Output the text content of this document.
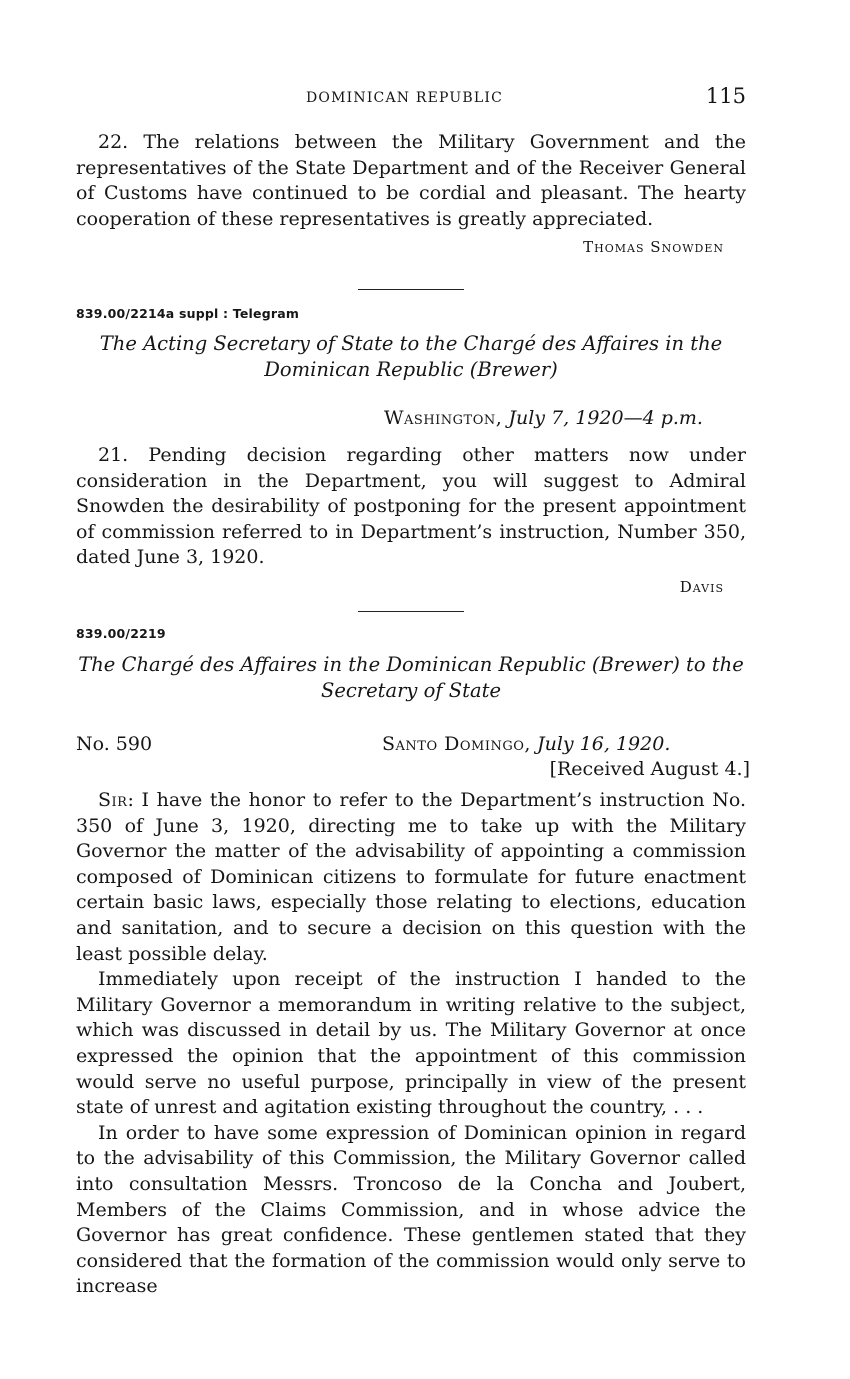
DOMINICAN REPUBLIC	115

22. The relations between the Military Government and the representatives of the State Department and of the Receiver General of Customs have continued to be cordial and pleasant. The hearty cooperation of these representatives is greatly appreciated.

Thomas Snowden
839.00/2214a suppl : Telegram
The Acting Secretary of State to the Chargé des Affaires in the
Dominican Republic (Brewer)
Washington, July 7, 1920—4 p.m.

21. Pending decision regarding other matters now under consideration in the Department, you will suggest to Admiral Snowden the desirability of postponing for the present appointment of commission referred to in Department’s instruction, Number 350, dated June 3, 1920.

Davis
839.00/2219
The Chargé des Affaires in the Dominican Republic (Brewer) to the
Secretary of State
No. 590	Santo Domingo, July 16, 1920.
[Received August 4.]

Sir: I have the honor to refer to the Department’s instruction No. 350 of June 3, 1920, directing me to take up with the Military Governor the matter of the advisability of appointing a commission composed of Dominican citizens to formulate for future enactment certain basic laws, especially those relating to elections, education and sanitation, and to secure a decision on this question with the least possible delay.

Immediately upon receipt of the instruction I handed to the Military Governor a memorandum in writing relative to the subject, which was discussed in detail by us. The Military Governor at once expressed the opinion that the appointment of this commission would serve no useful purpose, principally in view of the present state of unrest and agitation existing throughout the country, . . .

In order to have some expression of Dominican opinion in regard to the advisability of this Commission, the Military Governor called into consultation Messrs. Troncoso de la Concha and Joubert, Members of the Claims Commission, and in whose advice the Governor has great confidence. These gentlemen stated that they considered that the formation of the commission would only serve to increase
